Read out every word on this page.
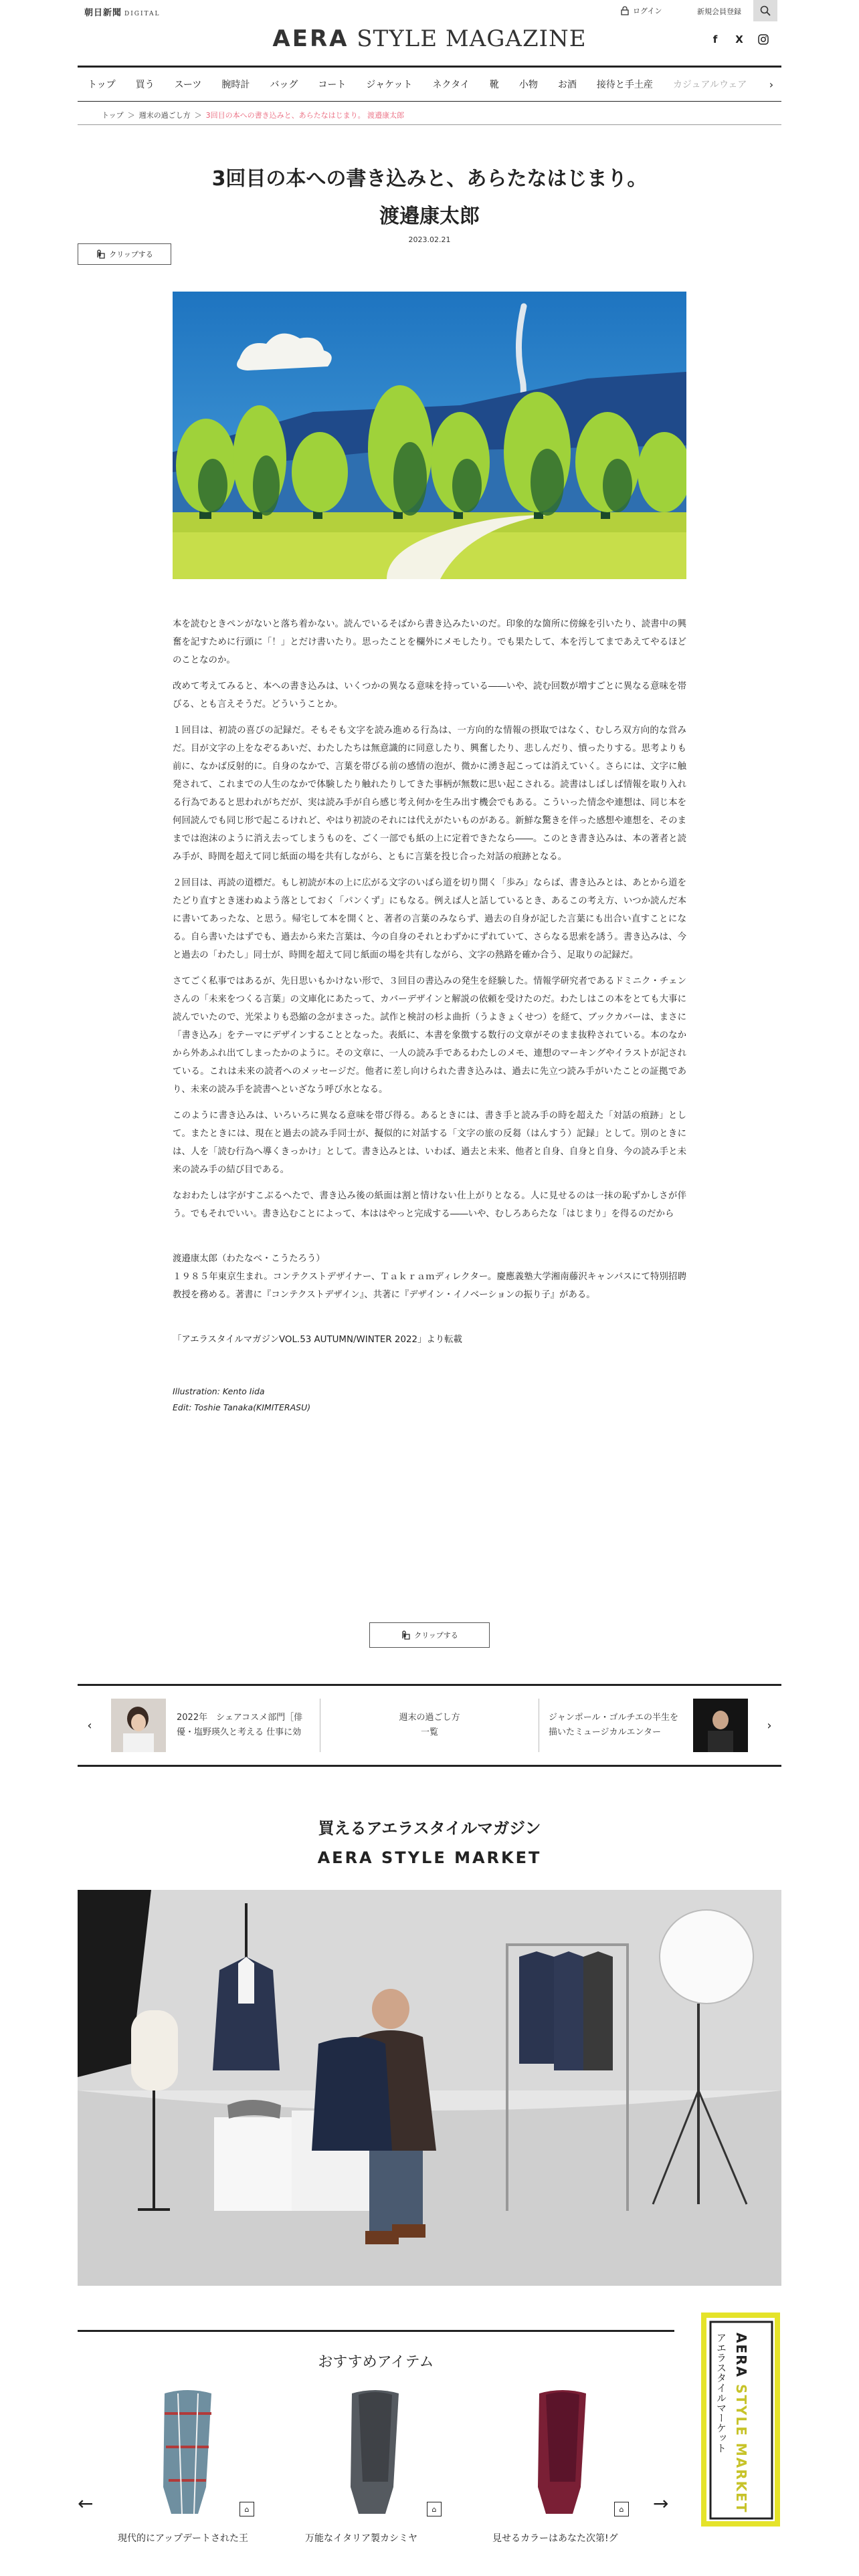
朝日新聞 DIGITAL	ログイン	新規会員登録
AERA STYLE MAGAZINE	f	X
トップ	買う	スーツ	腕時計	バッグ	コート	ジャケット	ネクタイ	靴	小物	お酒	接待と手土産	カジュアルウェア	›
トップ ＞ 週末の過ごし方 ＞ 3回目の本への書き込みと、あらたなはじまり。 渡邉康太郎
3回目の本への書き込みと、あらたなはじまり。
渡邉康太郎
2023.02.21
クリップする

本を読むときペンがないと落ち着かない。読んでいるそばから書き込みたいのだ。印象的な箇所に傍線を引いたり、読書中の興奮を記すために行頭に「！」とだけ書いたり。思ったことを欄外にメモしたり。でも果たして、本を汚してまであえてやるほどのことなのか。

改めて考えてみると、本への書き込みは、いくつかの異なる意味を持っている――いや、読む回数が増すごとに異なる意味を帯びる、とも言えそうだ。どういうことか。

１回目は、初読の喜びの記録だ。そもそも文字を読み進める行為は、一方向的な情報の摂取ではなく、むしろ双方向的な営みだ。目が文字の上をなぞるあいだ、わたしたちは無意識的に同意したり、興奮したり、悲しんだり、憤ったりする。思考よりも前に、なかば反射的に。自身のなかで、言葉を帯びる前の感情の泡が、微かに湧き起こっては消えていく。さらには、文字に触発されて、これまでの人生のなかで体験したり触れたりしてきた事柄が無数に思い起こされる。読書はしばしば情報を取り入れる行為であると思われがちだが、実は読み手が自ら感じ考え何かを生み出す機会でもある。こういった情念や連想は、同じ本を何回読んでも同じ形で起こるけれど、やはり初読のそれには代えがたいものがある。新鮮な驚きを伴った感想や連想を、そのままでは泡沫のように消え去ってしまうものを、ごく一部でも紙の上に定着できたなら――。このとき書き込みは、本の著者と読み手が、時間を超えて同じ紙面の場を共有しながら、ともに言葉を投じ合った対話の痕跡となる。

２回目は、再読の道標だ。もし初読が本の上に広がる文字のいばら道を切り開く「歩み」ならば、書き込みとは、あとから道をたどり直すとき迷わぬよう落としておく「パンくず」にもなる。例えば人と話しているとき、あるこの考え方、いつか読んだ本に書いてあったな、と思う。帰宅して本を開くと、著者の言葉のみならず、過去の自身が記した言葉にも出合い直すことになる。自ら書いたはずでも、過去から来た言葉は、今の自身のそれとわずかにずれていて、さらなる思索を誘う。書き込みは、今と過去の「わたし」同士が、時間を超えて同じ紙面の場を共有しながら、文字の熱路を確か合う、足取りの記録だ。

さてごく私事ではあるが、先日思いもかけない形で、３回目の書込みの発生を経験した。情報学研究者であるドミニク・チェンさんの「未来をつくる言葉」の文庫化にあたって、カバーデザインと解説の依頼を受けたのだ。わたしはこの本をとても大事に読んでいたので、光栄よりも恐縮の念がまさった。試作と検討の杉よ曲折（うよきょくせつ）を経て、ブックカバーは、まさに「書き込み」をテーマにデザインすることとなった。表紙に、本書を象徴する数行の文章がそのまま抜粋されている。本のなかから外あふれ出てしまったかのように。その文章に、一人の読み手であるわたしのメモ、連想のマーキングやイラストが記されている。これは未来の読者へのメッセージだ。他者に差し向けられた書き込みは、過去に先立つ読み手がいたことの証拠であり、未来の読み手を読書へといざなう呼び水となる。

このように書き込みは、いろいろに異なる意味を帯び得る。あるときには、書き手と読み手の時を超えた「対話の痕跡」として。またときには、現在と過去の読み手同士が、擬似的に対話する「文字の旅の反芻（はんすう）記録」として。別のときには、人を「読む行為へ導くきっかけ」として。書き込みとは、いわば、過去と未来、他者と自身、自身と自身、今の読み手と未来の読み手の結び目である。

なおわたしは字がすこぶるへたで、書き込み後の紙面は割と情けない仕上がりとなる。人に見せるのは一抹の恥ずかしさが伴う。でもそれでいい。書き込むことによって、本ははやっと完成する――いや、むしろあらたな「はじまり」を得るのだから

渡邉康太郎（わたなべ・こうたろう）
１９８５年東京生まれ。コンテクストデザイナー、Ｔａｋｒａｍディレクター。慶應義塾大学湘南藤沢キャンパスにて特別招聘教授を務める。著書に『コンテクストデザイン』、共著に『デザイン・イノベーションの振り子』がある。
「アエラスタイルマガジンVOL.53 AUTUMN/WINTER 2022」より転載
Illustration: Kento Iida
Edit: Toshie Tanaka(KIMITERASU)
クリップする
‹
2022年　シェアコスメ部門［俳優・塩野瑛久と考える 仕事に効
週末の過ごし方
一覧
ジャンポール・ゴルチエの半生を描いたミュージカルエンター	›
買えるアエラスタイルマガジン
AERA STYLE MARKET
おすすめアイテム
←	⌂
現代的にアップデートされた王
⌂
万能なイタリア製カシミヤ
⌂
見せるカラーはあなた次第!グ
→
AERA STYLE MARKET
アエラスタイルマーケット
